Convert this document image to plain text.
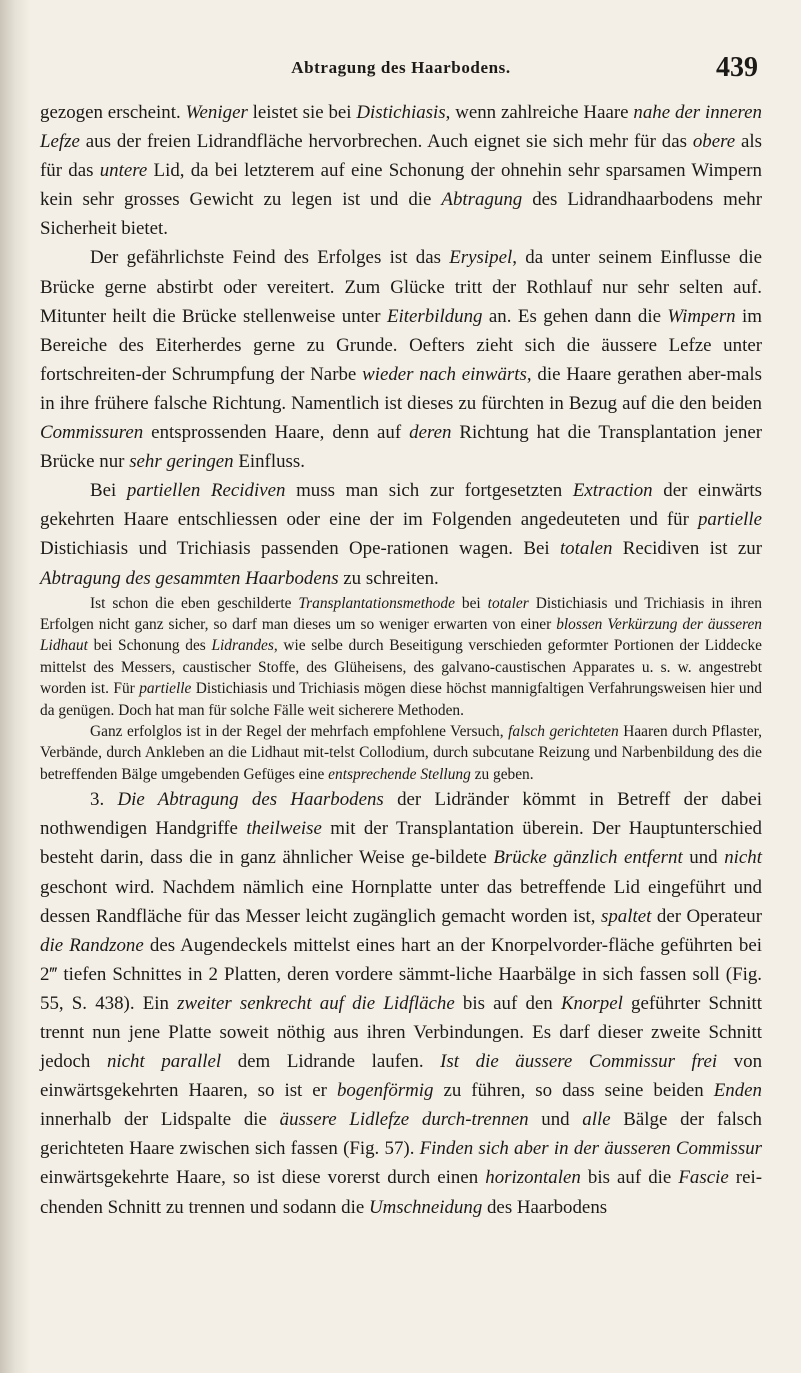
Abtragung des Haarbodens.	439

gezogen erscheint. Weniger leistet sie bei Distichiasis, wenn zahlreiche Haare nahe der inneren Lefze aus der freien Lidrandfläche hervorbrechen. Auch eignet sie sich mehr für das obere als für das untere Lid, da bei letzterem auf eine Schonung der ohnehin sehr sparsamen Wimpern kein sehr grosses Gewicht zu legen ist und die Abtragung des Lidrandhaarbodens mehr Sicherheit bietet.

Der gefährlichste Feind des Erfolges ist das Erysipel, da unter seinem Einflusse die Brücke gerne abstirbt oder vereitert. Zum Glücke tritt der Rothlauf nur sehr selten auf. Mitunter heilt die Brücke stellenweise unter Eiterbildung an. Es gehen dann die Wimpern im Bereiche des Eiterherdes gerne zu Grunde. Oefters zieht sich die äussere Lefze unter fortschreiten-der Schrumpfung der Narbe wieder nach einwärts, die Haare gerathen aber-mals in ihre frühere falsche Richtung. Namentlich ist dieses zu fürchten in Bezug auf die den beiden Commissuren entsprossenden Haare, denn auf deren Richtung hat die Transplantation jener Brücke nur sehr geringen Einfluss.

Bei partiellen Recidiven muss man sich zur fortgesetzten Extraction der einwärts gekehrten Haare entschliessen oder eine der im Folgenden angedeuteten und für partielle Distichiasis und Trichiasis passenden Ope-rationen wagen. Bei totalen Recidiven ist zur Abtragung des gesammten Haarbodens zu schreiten.

Ist schon die eben geschilderte Transplantationsmethode bei totaler Distichiasis und Trichiasis in ihren Erfolgen nicht ganz sicher, so darf man dieses um so weniger erwarten von einer blossen Verkürzung der äusseren Lidhaut bei Schonung des Lidrandes, wie selbe durch Beseitigung verschieden geformter Portionen der Liddecke mittelst des Messers, caustischer Stoffe, des Glüheisens, des galvano-caustischen Apparates u. s. w. angestrebt worden ist. Für partielle Distichiasis und Trichiasis mögen diese höchst mannigfaltigen Verfahrungsweisen hier und da genügen. Doch hat man für solche Fälle weit sicherere Methoden.

Ganz erfolglos ist in der Regel der mehrfach empfohlene Versuch, falsch gerichteten Haaren durch Pflaster, Verbände, durch Ankleben an die Lidhaut mit-telst Collodium, durch subcutane Reizung und Narbenbildung des die betreffenden Bälge umgebenden Gefüges eine entsprechende Stellung zu geben.

3. Die Abtragung des Haarbodens der Lidränder kömmt in Betreff der dabei nothwendigen Handgriffe theilweise mit der Transplantation überein. Der Hauptunterschied besteht darin, dass die in ganz ähnlicher Weise ge-bildete Brücke gänzlich entfernt und nicht geschont wird. Nachdem nämlich eine Hornplatte unter das betreffende Lid eingeführt und dessen Randfläche für das Messer leicht zugänglich gemacht worden ist, spaltet der Operateur die Randzone des Augendeckels mittelst eines hart an der Knorpelvorder-fläche geführten bei 2‴ tiefen Schnittes in 2 Platten, deren vordere sämmt-liche Haarbälge in sich fassen soll (Fig. 55, S. 438). Ein zweiter senkrecht auf die Lidfläche bis auf den Knorpel geführter Schnitt trennt nun jene Platte soweit nöthig aus ihren Verbindungen. Es darf dieser zweite Schnitt jedoch nicht parallel dem Lidrande laufen. Ist die äussere Commissur frei von einwärtsgekehrten Haaren, so ist er bogenförmig zu führen, so dass seine beiden Enden innerhalb der Lidspalte die äussere Lidlefze durch-trennen und alle Bälge der falsch gerichteten Haare zwischen sich fassen (Fig. 57). Finden sich aber in der äusseren Commissur einwärtsgekehrte Haare, so ist diese vorerst durch einen horizontalen bis auf die Fascie rei-chenden Schnitt zu trennen und sodann die Umschneidung des Haarbodens
